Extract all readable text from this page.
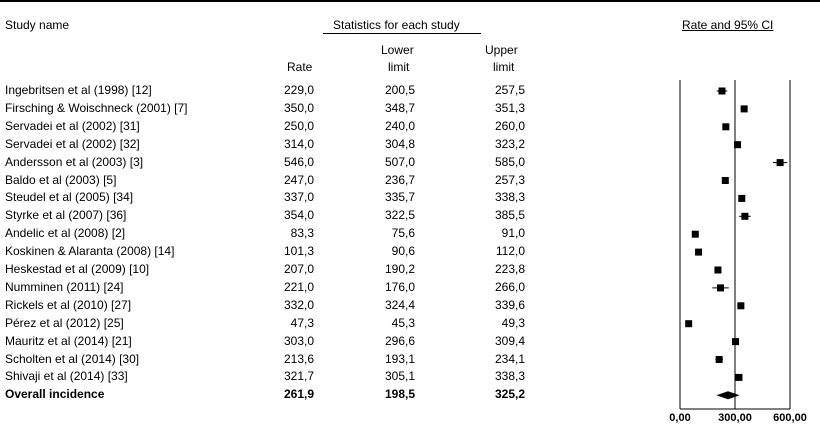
Study name	Statistics for each study	Rate and 95% CI
Rate
Lower
limit
Upper
limit
Ingebritsen et al (1998) [12]	229,0	200,5	257,5
Firsching & Woischneck (2001) [7]	350,0	348,7	351,3
Servadei et al (2002) [31]	250,0	240,0	260,0
Servadei et al (2002) [32]	314,0	304,8	323,2
Andersson et al (2003) [3]	546,0	507,0	585,0
Baldo et al (2003) [5]	247,0	236,7	257,3
Steudel et al (2005) [34]	337,0	335,7	338,3
Styrke et al (2007) [36]	354,0	322,5	385,5
Andelic et al (2008) [2]	83,3	75,6	91,0
Koskinen & Alaranta (2008) [14]	101,3	90,6	112,0
Heskestad et al (2009) [10]	207,0	190,2	223,8
Numminen (2011) [24]	221,0	176,0	266,0
Rickels et al (2010) [27]	332,0	324,4	339,6
Pérez et al (2012) [25]	47,3	45,3	49,3
Mauritz et al (2014) [21]	303,0	296,6	309,4
Scholten et al (2014) [30]	213,6	193,1	234,1
Shivaji et al (2014) [33]	321,7	305,1	338,3
Overall incidence	261,9	198,5	325,2
0,00 300,00 600,00
